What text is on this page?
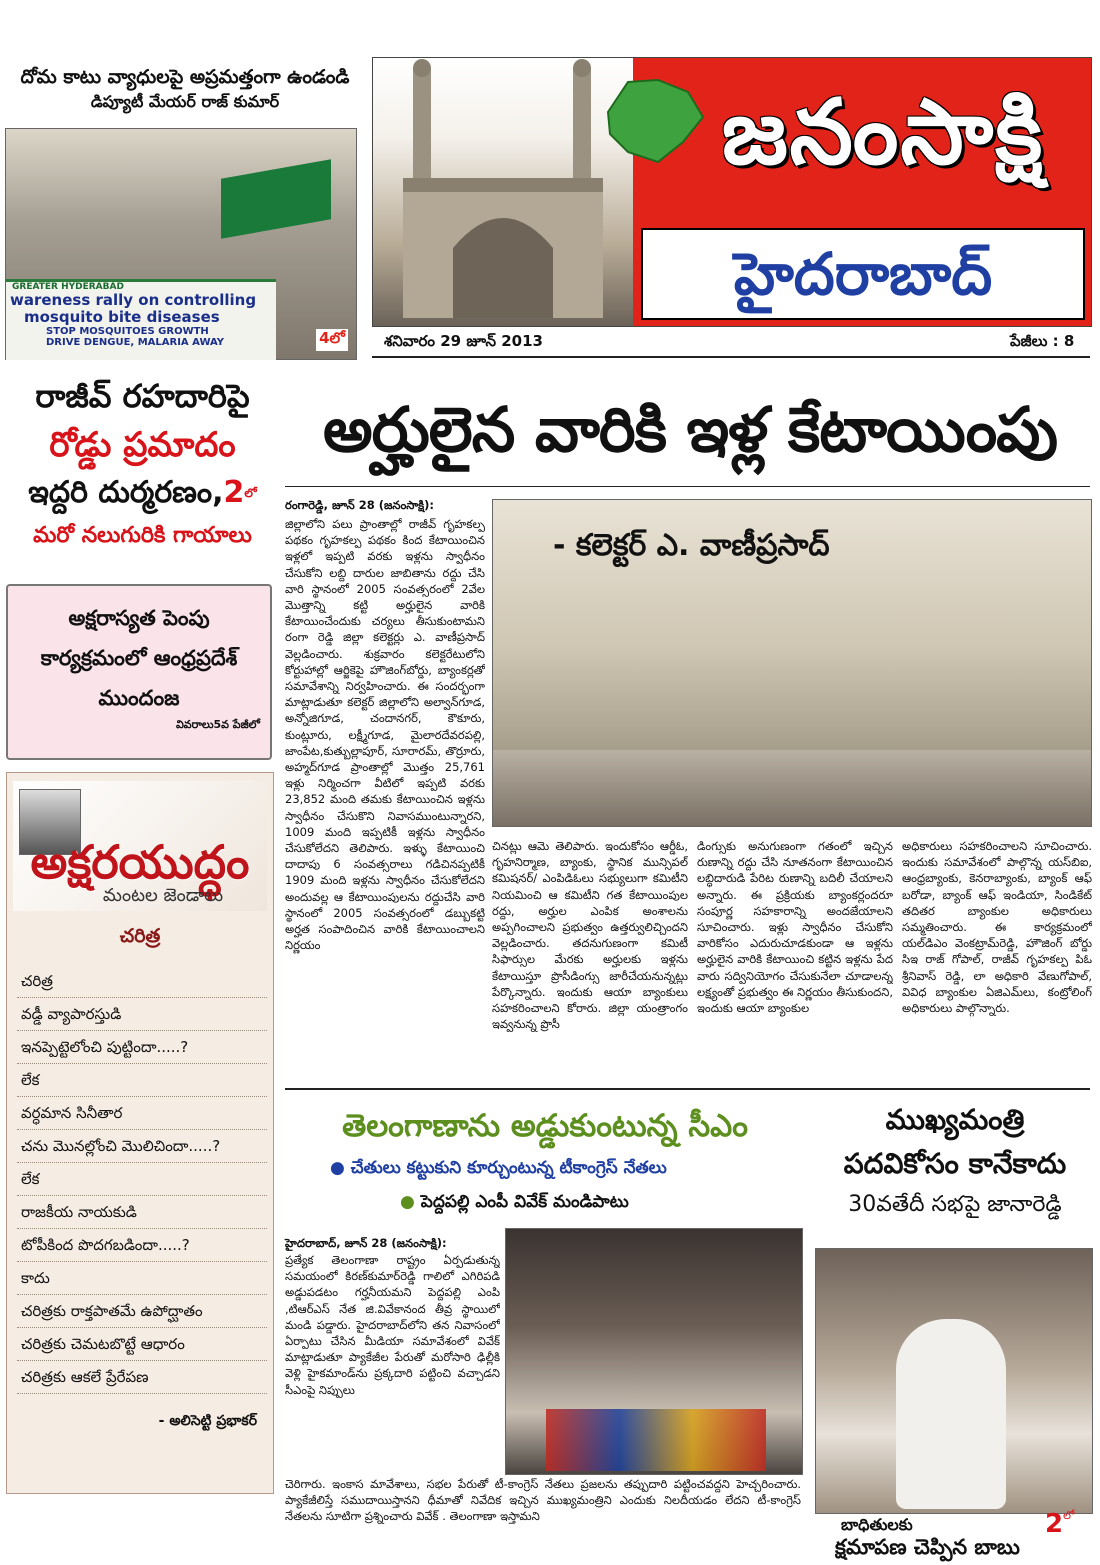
దోమ కాటు వ్యాధులపై అప్రమత్తంగా ఉండండి
డిప్యూటీ మేయర్ రాజ్ కుమార్
GREATER HYDERABAD
wareness rally on controlling
mosquito bite diseases
STOP MOSQUITOES GROWTH
DRIVE DENGUE, MALARIA AWAY	4లో
జనంసాక్షి
హైదరాబాద్
శనివారం 29 జూన్ 2013	పేజీలు : 8
రాజీవ్ రహదారిపై
రోడ్డు ప్రమాదం
ఇద్దరి $దుర్మరణం,2^{లో}$
మరో నలుగురికి గాయాలు
అక్షరాస్యత పెంపు
కార్యక్రమంలో ఆంధ్రప్రదేశ్
ముందంజ
వివరాలు5వ పేజీలో
అక్షరయుద్ధం
మంటల జెండాలు
చరిత్ర
చరిత్ర
వడ్డీ వ్యాపారస్తుడి
ఇనప్పెట్టెలోంచి పుట్టిందా.....?
లేక
వర్ధమాన సినీతార
చను మొనల్లోంచి మొలిచిందా.....?
లేక
రాజకీయ నాయకుడి
టోపీకింద పొదగబడిందా.....?
కాదు
చరిత్రకు రాక్తపాతమే ఉపోద్ఘాతం
చరిత్రకు చెమటబొట్టే ఆధారం
చరిత్రకు ఆకలే ప్రేరేపణ
- అలిసెట్టి ప్రభాకర్
అర్హులైన వారికి ఇళ్ల కేటాయింపు
రంగారెడ్డి, జూన్ 28 (జనంసాక్షి):
జిల్లాలోని పలు ప్రాంతాల్లో రాజీవ్ గృహకల్ప పథకం గృహకల్ప పథకం కింద కేటాయించిన ఇళ్లలో ఇప్పటి వరకు ఇళ్లను స్వాధీనం చేసుకోని లబ్ది దారుల జాబితాను రద్దు చేసి వారి స్థానంలో 2005 సంవత్సరంలో 2వేల మొత్తాన్ని కట్టి అర్హులైన వారికి కేటాయించేందుకు చర్యలు తీసుకుంటామని రంగా రెడ్డి జిల్లా కలెక్టర్లు ఎ. వాణీప్రసాద్ వెల్లడించారు. శుక్రవారం కలెక్టరేటులోని కోర్టుహాల్లో ఆర్జికెపై హౌజింగ్‌బోర్డు, బ్యాంకర్లతో సమావేశాన్ని నిర్వహించారు. ఈ సందర్భంగా మాట్లాడుతూ కలెక్టర్ జిల్లాలోని అల్వాన్‌గూడ, అన్నోజిగూడ, చందానగర్, కౌకూరు, కుంట్లూరు, లక్ష్మీగూడ, మైలారదేవరపల్లి, జాంపేట,కుత్బుల్లాపూర్, సూరారమ్, తొర్రూరు, అహ్మద్‌గూడ ప్రాంతాల్లో మొత్తం 25,761 ఇళ్లు నిర్మించగా వీటిలో ఇప్పటి వరకు 23,852 మంది తమకు కేటాయించిన ఇళ్లను స్వాధీనం చేసుకొని నివాసముంటున్నారని, 1009 మంది ఇప్పటికీ ఇళ్లను స్వాధీనం చేసుకోలేదని తెలిపారు. ఇళ్ళు కేటాయించి దాదాపు 6 సంవత్సరాలు గడిచినప్పటికీ 1909 మంది ఇళ్లను స్వాధీనం చేసుకోలేదని అందువల్ల ఆ కేటాయింపులను రద్దుచేసి వారి స్థానంలో 2005 సంవత్సరంలో డబ్బుకట్టి అర్హత సంపాదించిన వారికి కేటాయించాలని నిర్ణయం
- కలెక్టర్ ఎ. వాణీప్రసాద్
చినట్లు ఆమె తెలిపారు. ఇందుకోసం ఆర్డీఓ, గృహనిర్మాణ, బ్యాంకు, స్థానిక మున్సిపల్ కమిషనర్/ ఎంపిడిఓలు సభ్యులుగా కమిటీని నియమించి ఆ కమిటీని గత కేటాయింపుల రద్దు, అర్హుల ఎంపిక అంశాలను అప్పగించాలని ప్రభుత్వం ఉత్తర్వులిచ్చిందని వెల్లడించారు. తదనుగుణంగా కమిటీ సిఫార్సుల మేరకు అర్హులకు ఇళ్లను కేటాయిస్తూ ప్రొసీడింగ్సు జారీచేయనున్నట్లు పేర్కొన్నారు. ఇందుకు ఆయా బ్యాంకులు సహకరించాలని కోరారు. జిల్లా యంత్రాంగం ఇవ్వనున్న ప్రొసీ
డింగ్సుకు అనుగుణంగా గతంలో ఇచ్చిన రుణాన్ని రద్దు చేసి నూతనంగా కేటాయించిన లబ్ధిదారుడి పేరిట రుణాన్ని బదిలీ చేయాలని అన్నారు. ఈ ప్రక్రియకు బ్యాంకర్లందరూ సంపూర్ణ సహకారాన్ని అందజేయాలని సూచించారు. ఇళ్లు స్వాధీనం చేసుకోని వారికోసం ఎదురుచూడకుండా ఆ ఇళ్లను అర్హులైన వారికి కేటాయించి కట్టిన ఇళ్లను పేద వారు సద్వినియోగం చేసుకునేలా చూడాలన్న లక్ష్యంతో ప్రభుత్వం ఈ నిర్ణయం తీసుకుందని, ఇందుకు ఆయా బ్యాంకుల
అధికారులు సహకరించాలని సూచించారు. ఇందుకు సమావేశంలో పాల్గొన్న యస్‌బిఐ, ఆంధ్రబ్యాంకు, కెనరాబ్యాంకు, బ్యాంక్ ఆఫ్ బరోడా, బ్యాంక్ ఆఫ్ ఇండియా, సిండికేట్ తదితర బ్యాంకుల అధికారులు సమ్మతించారు. ఈ కార్యక్రమంలో యల్‌డిఎం వెంకట్రామ్‌రెడ్డి, హౌజింగ్ బోర్డు సిఇ రాజ్ గోపాల్, రాజీవ్ గృహకల్ప పిఓ శ్రీనివాస్ రెడ్డి, లా అధికారి వేణుగోపాల్, వివిధ బ్యాంకుల ఏజిఎమ్‌లు, కంట్రోలింగ్ అధికారులు పాల్గొన్నారు.
తెలంగాణాను అడ్డుకుంటున్న సీఎం
● చేతులు కట్టుకుని కూర్చుంటున్న టీకాంగ్రెస్ నేతలు
● పెద్దపల్లి ఎంపీ వివేక్ మండిపాటు
హైదరాబాద్, జూన్ 28 (జనంసాక్షి):
ప్రత్యేక తెలంగాణా రాష్ట్రం ఏర్పడుతున్న సమయంలో కిరణ్‌కుమార్‌రెడ్డి గాలిలో ఎగిరిపడి అడ్డుపడటం గర్హనీయమని పెద్దపల్లి ఎంపి ,టిఆర్‌ఎస్ నేత జి.వివేకానంద తీవ్ర స్థాయిలో మండి పడ్డారు. హైదరాబాద్‌లోని తన నివాసంలో ఏర్పాటు చేసిన మీడియా సమావేశంలో వివేక్ మాట్లాడుతూ ప్యాకేజీల పేరుతో మరోసారి ఢిల్లీకి వెళ్లి హైకమాండ్‌ను ప్రక్కదారి పట్టించి వచ్చాడని సీఎంపై నిప్పులు
చెరిగారు. ఇంకాస మావేశాలు, సభల పేరుతో టీ-కాంగ్రెస్ నేతలు ప్రజలను తప్పుదారి పట్టించవద్దని హెచ్చరించారు. ప్యాకేజీలిస్తే సముదాయిస్తానని ధీమాతో నివేదిక ఇచ్చిన ముఖ్యమంత్రిని ఎందుకు నిలదీయడం లేదని టీ-కాంగ్రెస్ నేతలను సూటిగా ప్రశ్నించారు వివేక్ . తెలంగాణా ఇస్తామని
ముఖ్యమంత్రి
పదవికోసం కానేకాదు
30వతేదీ సభపై జానారెడ్డి
బాధితులకు	$2^{లో}$
క్షమాపణ చెప్పిన బాబు
